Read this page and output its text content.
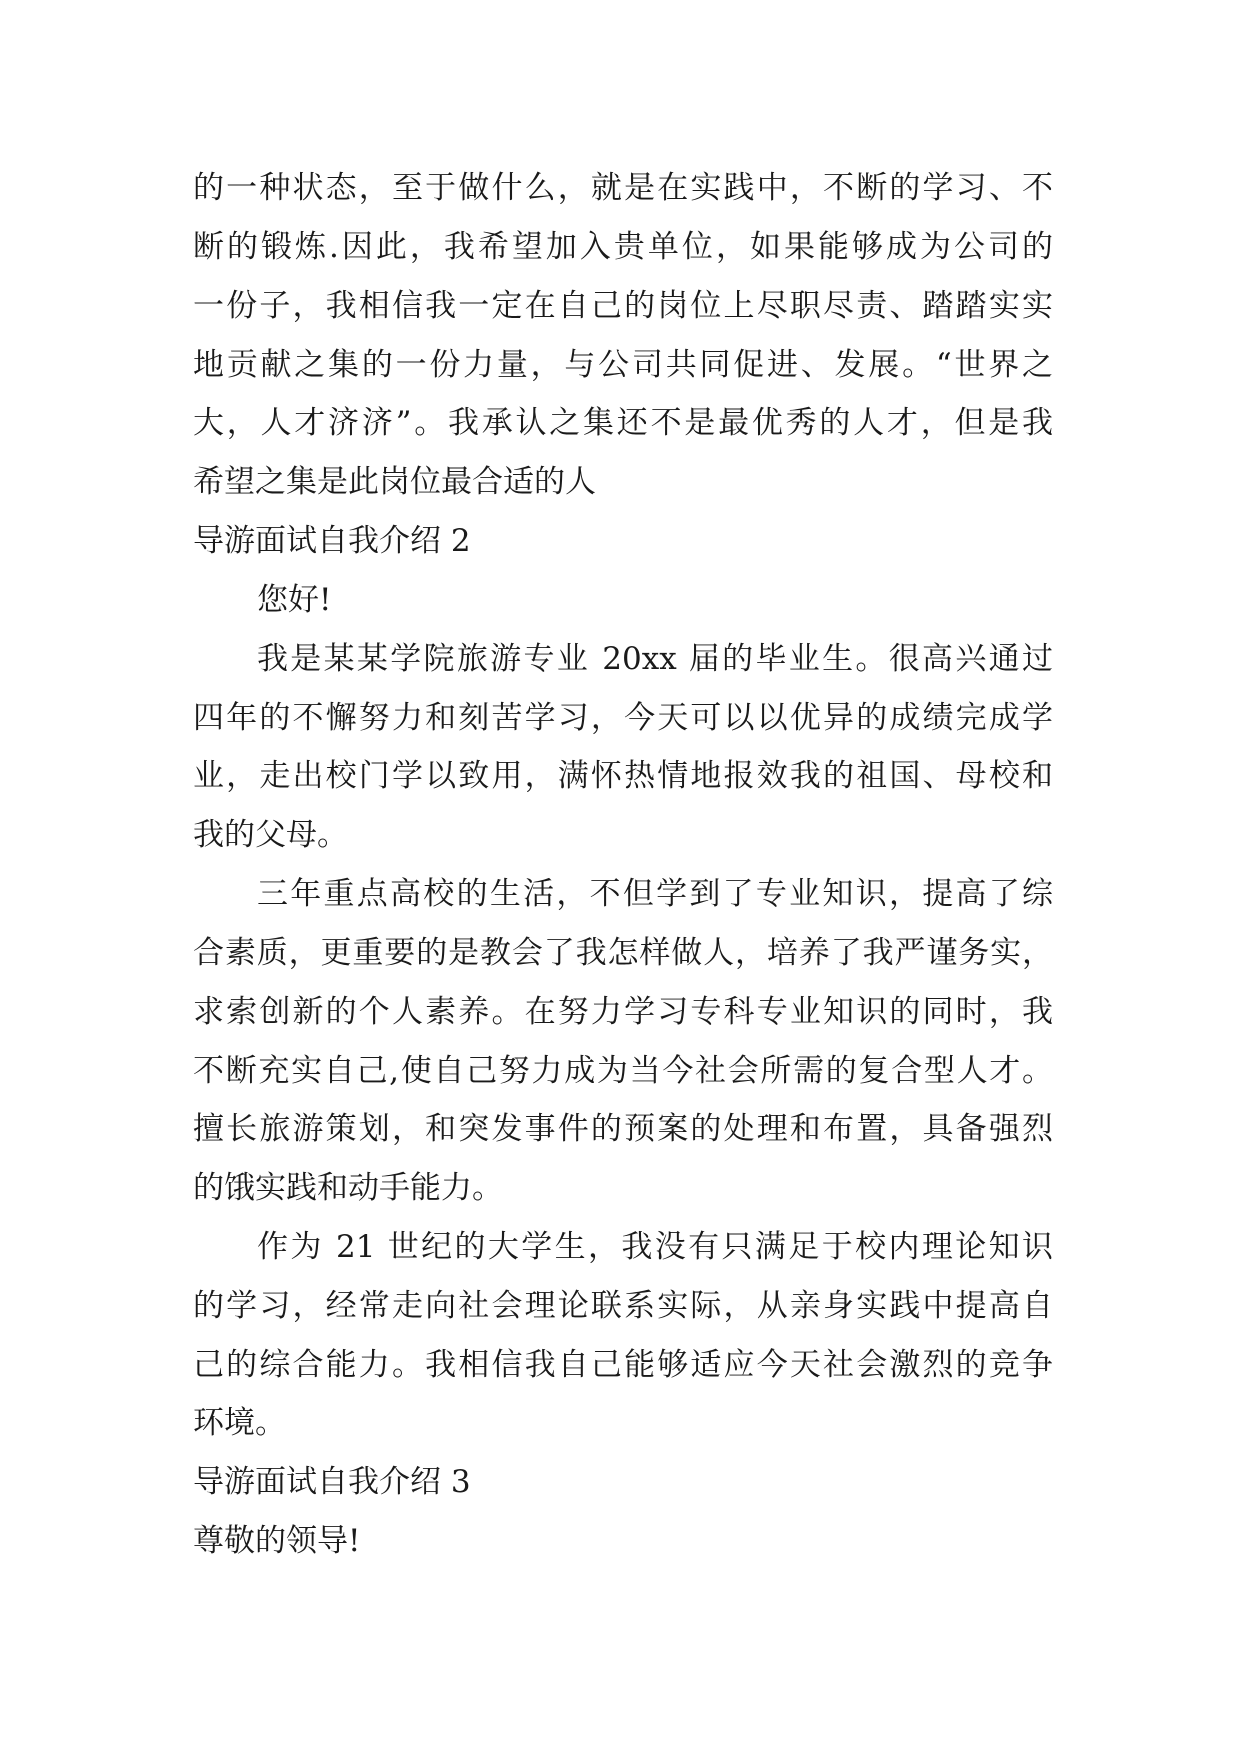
的一种状态，至于做什么，就是在实践中，不断的学习、不

断的锻炼.因此，我希望加入贵单位，如果能够成为公司的

一份子，我相信我一定在自己的岗位上尽职尽责、踏踏实实

地贡献之集的一份力量，与公司共同促进、发展。“世界之

大，人才济济”。我承认之集还不是最优秀的人才，但是我

希望之集是此岗位最合适的人

导游面试自我介绍 2

您好!

我是某某学院旅游专业 20xx 届的毕业生。很高兴通过

四年的不懈努力和刻苦学习，今天可以以优异的成绩完成学

业，走出校门学以致用，满怀热情地报效我的祖国、母校和

我的父母。

三年重点高校的生活，不但学到了专业知识，提高了综

合素质，更重要的是教会了我怎样做人，培养了我严谨务实，

求索创新的个人素养。在努力学习专科专业知识的同时，我

不断充实自己,使自己努力成为当今社会所需的复合型人才。

擅长旅游策划，和突发事件的预案的处理和布置，具备强烈

的饿实践和动手能力。

作为 21 世纪的大学生，我没有只满足于校内理论知识

的学习，经常走向社会理论联系实际，从亲身实践中提高自

己的综合能力。我相信我自己能够适应今天社会激烈的竞争

环境。

导游面试自我介绍 3

尊敬的领导!
